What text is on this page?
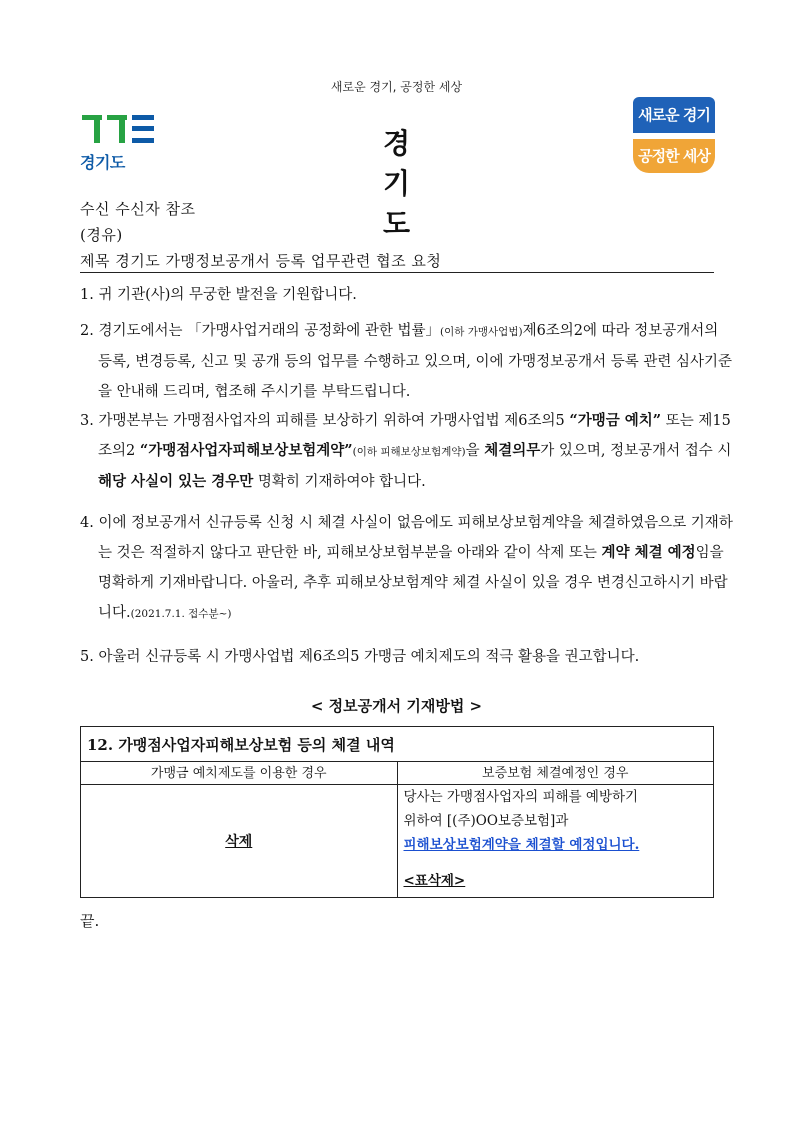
새로운 경기, 공정한 세상
경기도
경 기 도
새로운 경기
공정한 세상
수신 수신자 참조
(경유)
제목 경기도 가맹정보공개서 등록 업무관련 협조 요청
1. 귀 기관(사)의 무궁한 발전을 기원합니다.
2. 경기도에서는 「가맹사업거래의 공정화에 관한 법률」(이하 가맹사업법)제6조의2에 따라 정보공개서의 등록, 변경등록, 신고 및 공개 등의 업무를 수행하고 있으며, 이에 가맹정보공개서 등록 관련 심사기준을 안내해 드리며, 협조해 주시기를 부탁드립니다.
3. 가맹본부는 가맹점사업자의 피해를 보상하기 위하여 가맹사업법 제6조의5 “가맹금 예치” 또는 제15조의2 “가맹점사업자피해보상보험계약”(이하 피해보상보험계약)을 체결의무가 있으며, 정보공개서 접수 시 해당 사실이 있는 경우만 명확히 기재하여야 합니다.
4. 이에 정보공개서 신규등록 신청 시 체결 사실이 없음에도 피해보상보험계약을 체결하였음으로 기재하는 것은 적절하지 않다고 판단한 바, 피해보상보험부분을 아래와 같이 삭제 또는 계약 체결 예정임을 명확하게 기재바랍니다. 아울러, 추후 피해보상보험계약 체결 사실이 있을 경우 변경신고하시기 바랍니다.(2021.7.1. 접수분~)
5. 아울러 신규등록 시 가맹사업법 제6조의5 가맹금 예치제도의 적극 활용을 권고합니다.
< 정보공개서 기재방법 >
12. 가맹점사업자피해보상보험 등의 체결 내역	
가맹금 예치제도를 이용한 경우	보증보험 체결예정인 경우
삭제	당사는 가맹점사업자의 피해를 예방하기
위하여 [(주)OO보증보험]과
피해보상보험계약을 체결할 예정입니다.
<표삭제>
끝.
